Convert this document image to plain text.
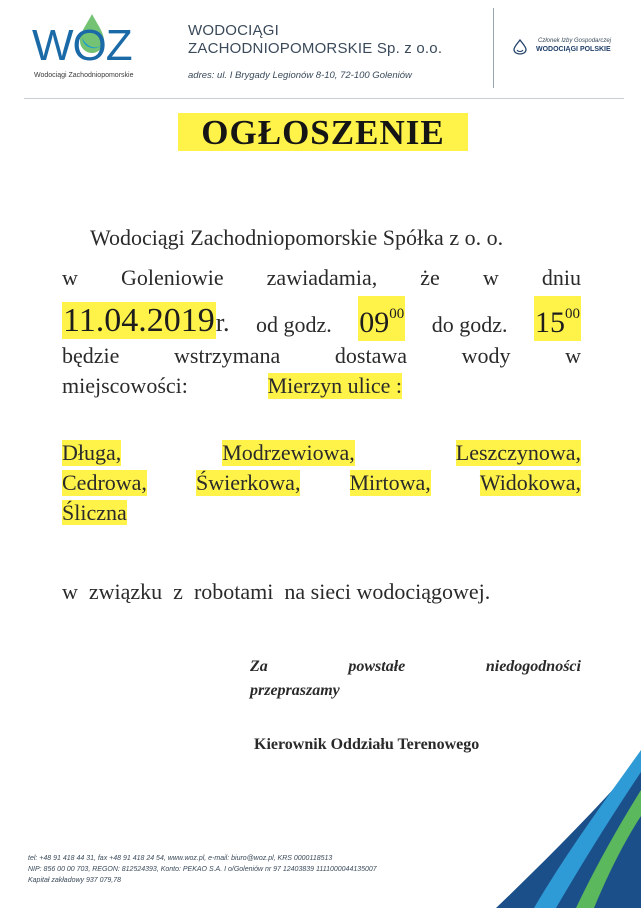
WOZ
Wodociągi Zachodniopomorskie
WODOCIĄGI
ZACHODNIOPOMORSKIE Sp. z o.o.
adres: ul. I Brygady Legionów 8-10, 72-100 Goleniów
Członek Izby Gospodarczej
WODOCIĄGI POLSKIE
OGŁOSZENIE
Wodociągi Zachodniopomorskie Spółka z o. o.
w Goleniowie zawiadamia, że w dniu
11.04.2019r. od godz. $09^{00}$ do godz. $15^{00}$
będzie wstrzymana dostawa wody w
miejscowości:	Mierzyn ulice :
Długa,	Modrzewiowa,	Leszczynowa,
Cedrowa, Świerkowa, Mirtowa, Widokowa,
Śliczna
w  związku  z  robotami  na sieci wodociągowej.
Za	powstałe	niedogodności
przepraszamy
Kierownik Oddziału Terenowego
tel: +48 91 418 44 31, fax +48 91 418 24 54, www.woz.pl, e-mail: biuro@woz.pl, KRS 0000118513
NIP: 856 00 00 703, REGON: 812524393, Konto: PEKAO S.A. I o/Goleniów nr 97 12403839 1111000044135007
Kapitał zakładowy 937 079,78
